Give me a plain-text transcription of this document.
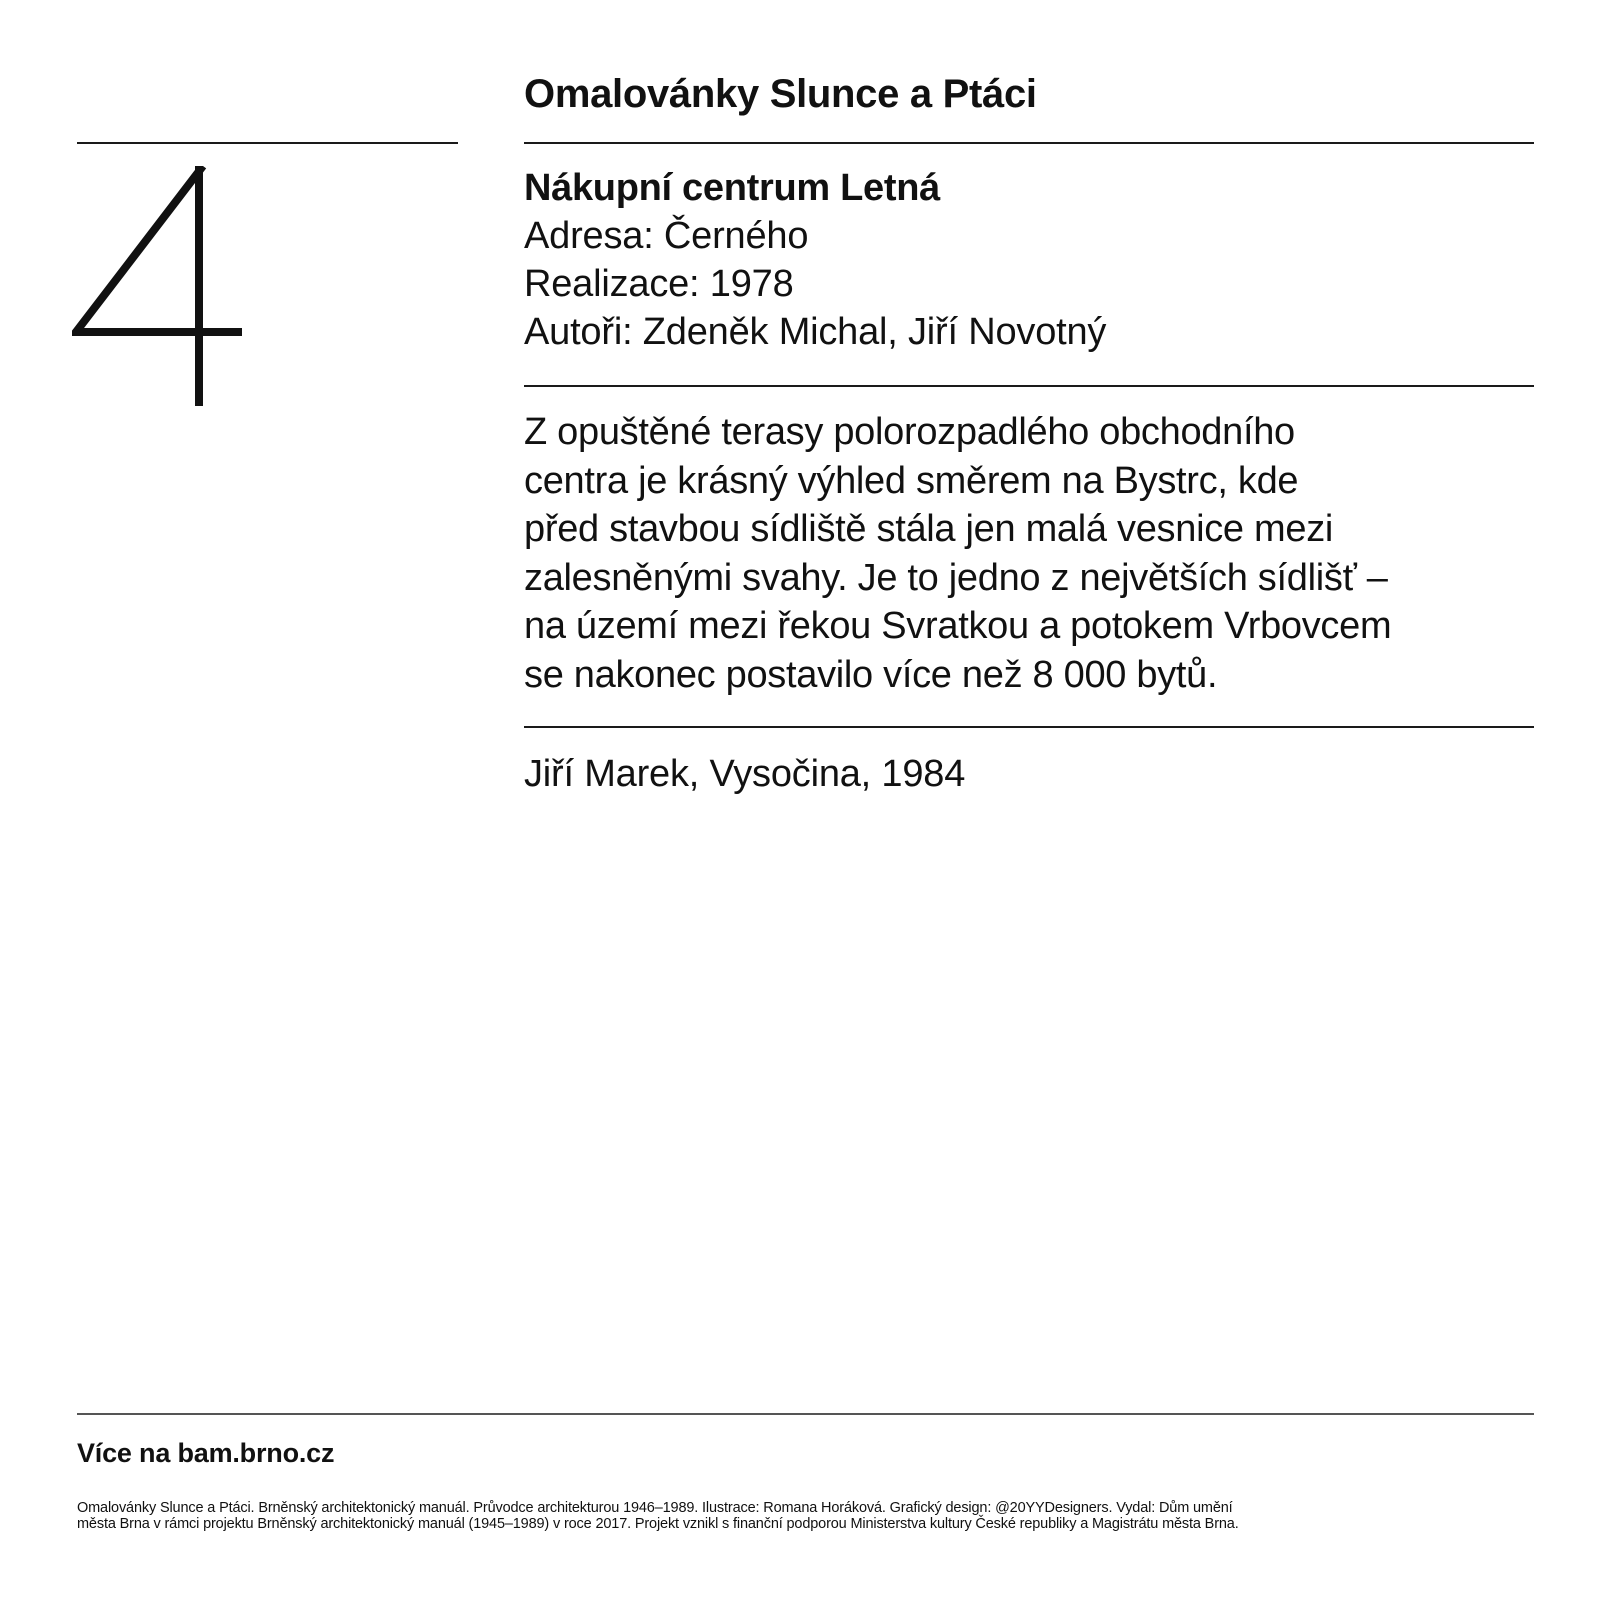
Omalovánky Slunce a Ptáci
Nákupní centrum Letná
Adresa: Černého
Realizace: 1978
Autoři: Zdeněk Michal, Jiří Novotný

Z opuštěné terasy polorozpadlého obchodního
centra je krásný výhled směrem na Bystrc, kde
před stavbou sídliště stála jen malá vesnice mezi
zalesněnými svahy. Je to jedno z největších sídlišť –
na území mezi řekou Svratkou a potokem Vrbovcem
se nakonec postavilo více než 8 000 bytů.

Jiří Marek, Vysočina, 1984

Více na bam.brno.cz

Omalovánky Slunce a Ptáci. Brněnský architektonický manuál. Průvodce architekturou 1946–1989. Ilustrace: Romana Horáková. Grafický design: @20YYDesigners. Vydal: Dům umění
města Brna v rámci projektu Brněnský architektonický manuál (1945–1989) v roce 2017. Projekt vznikl s finanční podporou Ministerstva kultury České republiky a Magistrátu města Brna.
